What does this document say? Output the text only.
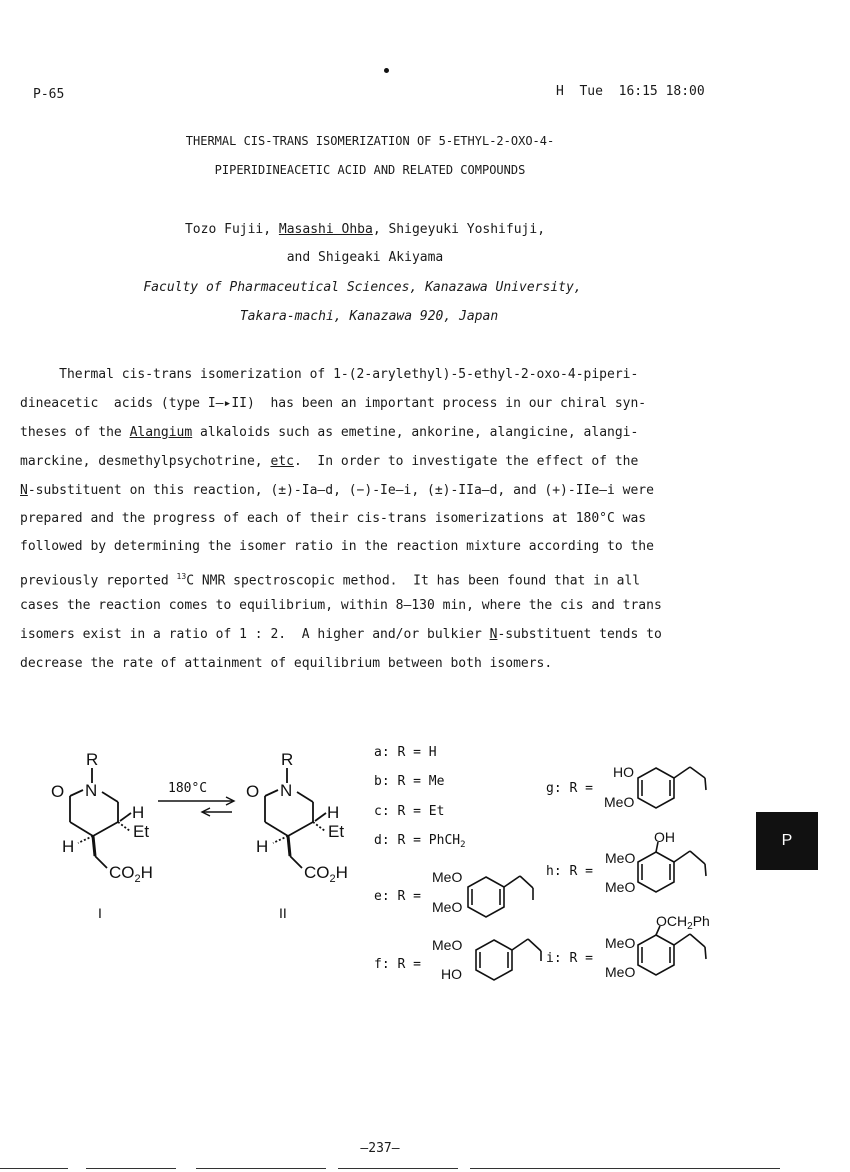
P-65	H  Tue  16:15 18:00
THERMAL CIS-TRANS ISOMERIZATION OF 5-ETHYL-2-OXO-4-
PIPERIDINEACETIC ACID AND RELATED COMPOUNDS
Tozo Fujii, Masashi Ohba, Shigeyuki Yoshifuji,
and Shigeaki Akiyama
Faculty of Pharmaceutical Sciences, Kanazawa University,
Takara-machi, Kanazawa 920, Japan
Thermal cis-trans isomerization of 1-(2-arylethyl)-5-ethyl-2-oxo-4-piperi-
dineacetic  acids (type I—▸II)  has been an important process in our chiral syn-
theses of the Alangium alkaloids such as emetine, ankorine, alangicine, alangi-
marckine, desmethylpsychotrine, etc.  In order to investigate the effect of the
N-substituent on this reaction, (±)-Ia—d, (−)-Ie—i, (±)-IIa—d, and (+)-IIe—i were
prepared and the progress of each of their cis-trans isomerizations at 180°C was
followed by determining the isomer ratio in the reaction mixture according to the
previously reported $^{13}$C NMR spectroscopic method.  It has been found that in all
cases the reaction comes to equilibrium, within 8—130 min, where the cis and trans
isomers exist in a ratio of 1 : 2.  A higher and/or bulkier N-substituent tends to
decrease the rate of attainment of equilibrium between both isomers.
R
N
O
H
Et
H
$CO_2H$
I
180°C
R
N
O
H
Et
H
$CO_2H$
II
a: R = H
b: R = Me
c: R = Et
d: R = PhCH$_2$
e: R =
MeO
MeO
f: R =
MeO
HO
g: R =
HO
MeO
h: R =
OH
MeO
MeO
i: R =
$OCH_2Ph$
MeO
MeO
P
—237—
